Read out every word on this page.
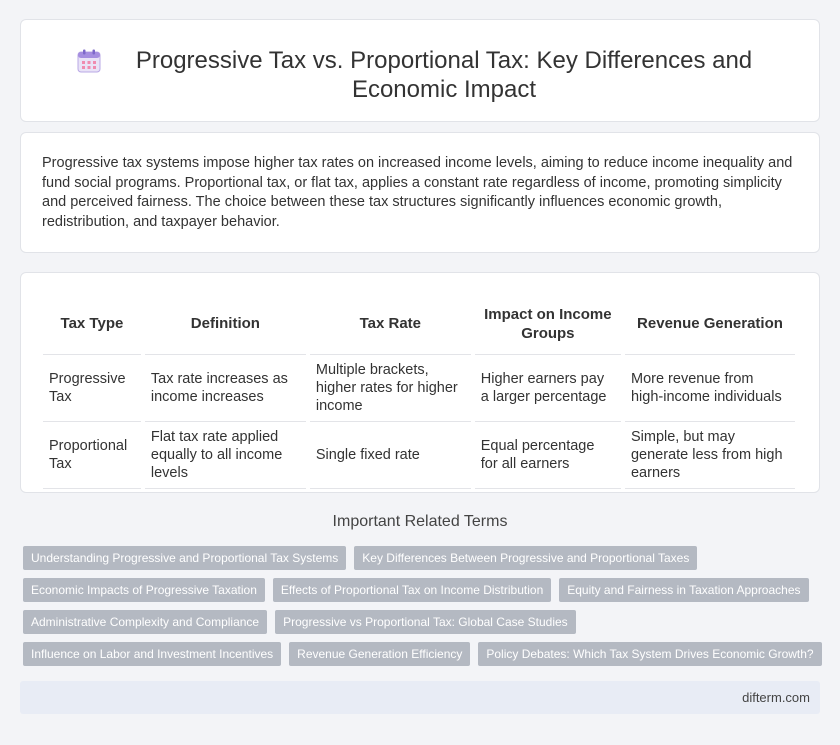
Progressive Tax vs. Proportional Tax: Key Differences and Economic Impact

Progressive tax systems impose higher tax rates on increased income levels, aiming to reduce income inequality and fund social programs. Proportional tax, or flat tax, applies a constant rate regardless of income, promoting simplicity and perceived fairness. The choice between these tax structures significantly influences economic growth, redistribution, and taxpayer behavior.

Tax Type	Definition	Tax Rate	Impact on Income Groups	Revenue Generation
Progressive Tax	Tax rate increases as income increases	Multiple brackets, higher rates for higher income	Higher earners pay a larger percentage	More revenue from high-income individuals
Proportional Tax	Flat tax rate applied equally to all income levels	Single fixed rate	Equal percentage for all earners	Simple, but may generate less from high earners
Important Related Terms
Understanding Progressive and Proportional Tax Systems	Key Differences Between Progressive and Proportional Taxes
Economic Impacts of Progressive Taxation	Effects of Proportional Tax on Income Distribution	Equity and Fairness in Taxation Approaches
Administrative Complexity and Compliance	Progressive vs Proportional Tax: Global Case Studies
Influence on Labor and Investment Incentives	Revenue Generation Efficiency	Policy Debates: Which Tax System Drives Economic Growth?
difterm.com
